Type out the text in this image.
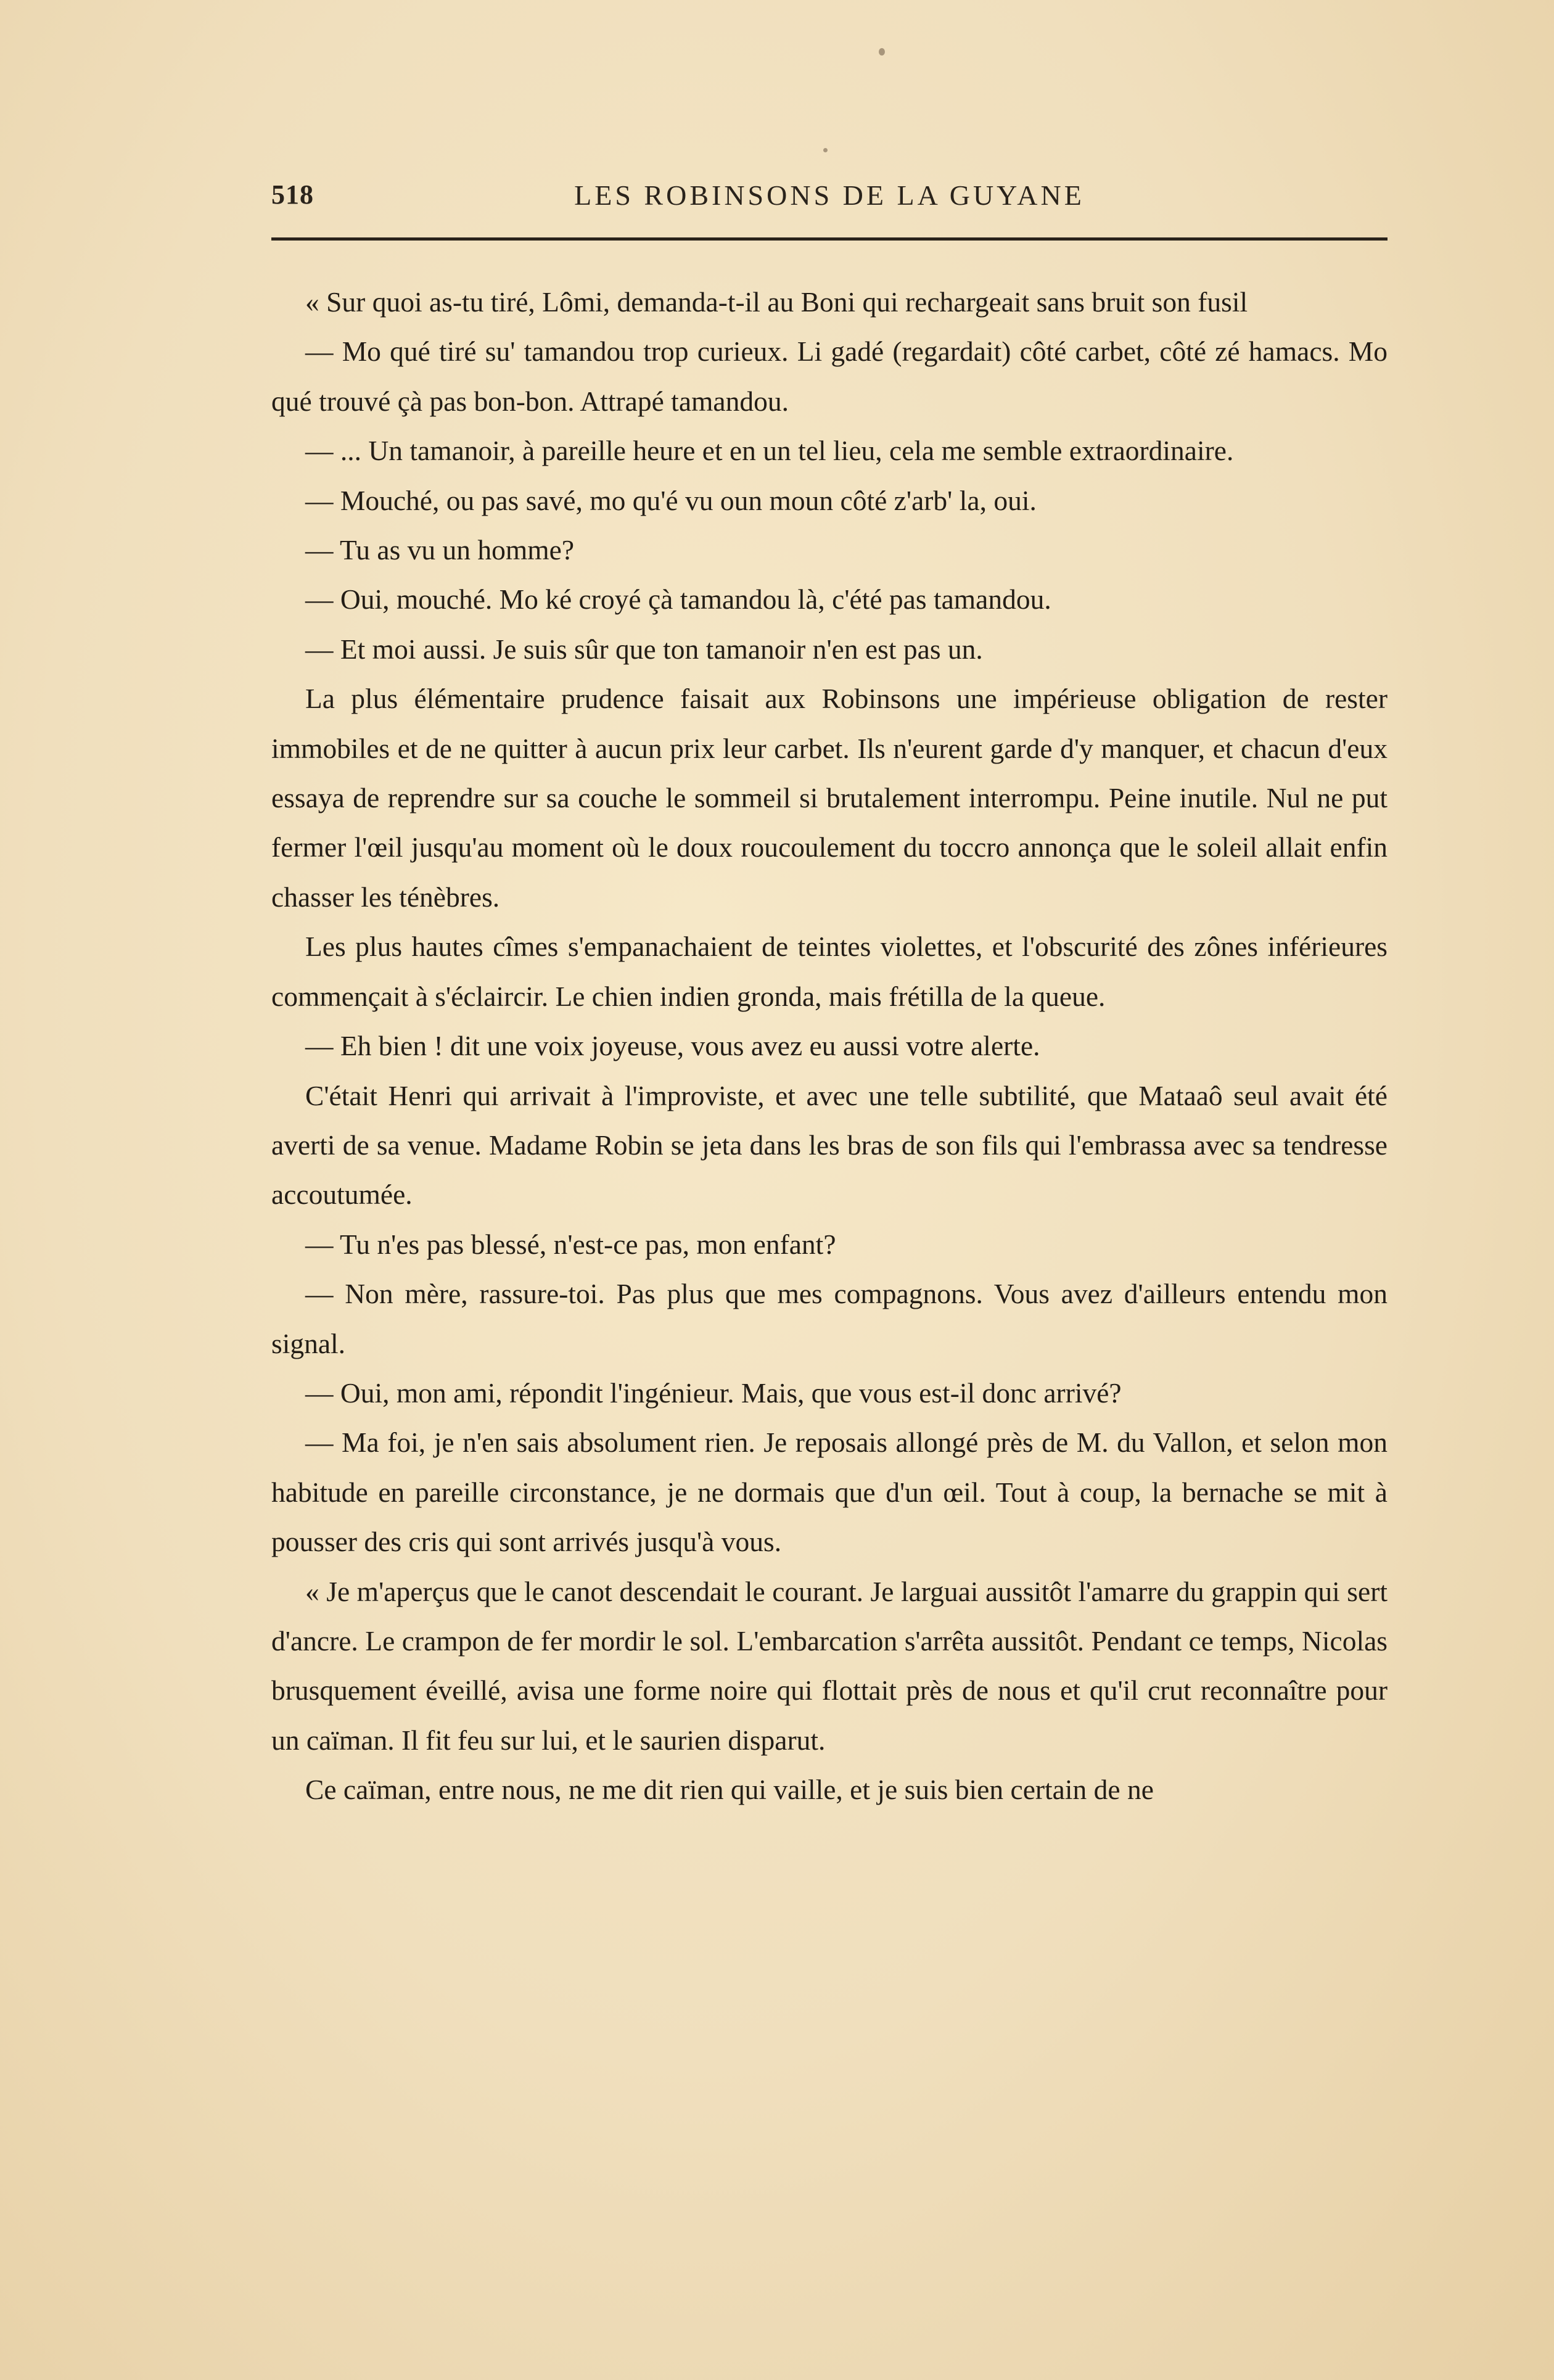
518	LES ROBINSONS DE LA GUYANE

« Sur quoi as-tu tiré, Lômi, demanda-t-il au Boni qui rechargeait sans bruit son fusil

— Mo qué tiré su' tamandou trop curieux. Li gadé (regardait) côté carbet, côté zé hamacs. Mo qué trouvé çà pas bon-bon. Attrapé tamandou.

— ... Un tamanoir, à pareille heure et en un tel lieu, cela me semble extraordinaire.

— Mouché, ou pas savé, mo qu'é vu oun moun côté z'arb' la, oui.

— Tu as vu un homme?

— Oui, mouché. Mo ké croyé çà tamandou là, c'été pas tamandou.

— Et moi aussi. Je suis sûr que ton tamanoir n'en est pas un.

La plus élémentaire prudence faisait aux Robinsons une impérieuse obligation de rester immobiles et de ne quitter à aucun prix leur carbet. Ils n'eurent garde d'y manquer, et chacun d'eux essaya de reprendre sur sa couche le sommeil si brutalement interrompu. Peine inutile. Nul ne put fermer l'œil jusqu'au moment où le doux roucoulement du toccro annonça que le soleil allait enfin chasser les ténèbres.

Les plus hautes cîmes s'empanachaient de teintes violettes, et l'obscurité des zônes inférieures commençait à s'éclaircir. Le chien indien gronda, mais frétilla de la queue.

— Eh bien ! dit une voix joyeuse, vous avez eu aussi votre alerte.

C'était Henri qui arrivait à l'improviste, et avec une telle subtilité, que Mataaô seul avait été averti de sa venue. Madame Robin se jeta dans les bras de son fils qui l'embrassa avec sa tendresse accoutumée.

— Tu n'es pas blessé, n'est-ce pas, mon enfant?

— Non mère, rassure-toi. Pas plus que mes compagnons. Vous avez d'ailleurs entendu mon signal.

— Oui, mon ami, répondit l'ingénieur. Mais, que vous est-il donc arrivé?

— Ma foi, je n'en sais absolument rien. Je reposais allongé près de M. du Vallon, et selon mon habitude en pareille circonstance, je ne dormais que d'un œil. Tout à coup, la bernache se mit à pousser des cris qui sont arrivés jusqu'à vous.

« Je m'aperçus que le canot descendait le courant. Je larguai aussitôt l'amarre du grappin qui sert d'ancre. Le crampon de fer mordir le sol. L'embarcation s'arrêta aussitôt. Pendant ce temps, Nicolas brusquement éveillé, avisa une forme noire qui flottait près de nous et qu'il crut reconnaître pour un caïman. Il fit feu sur lui, et le saurien disparut.

Ce caïman, entre nous, ne me dit rien qui vaille, et je suis bien certain de ne
